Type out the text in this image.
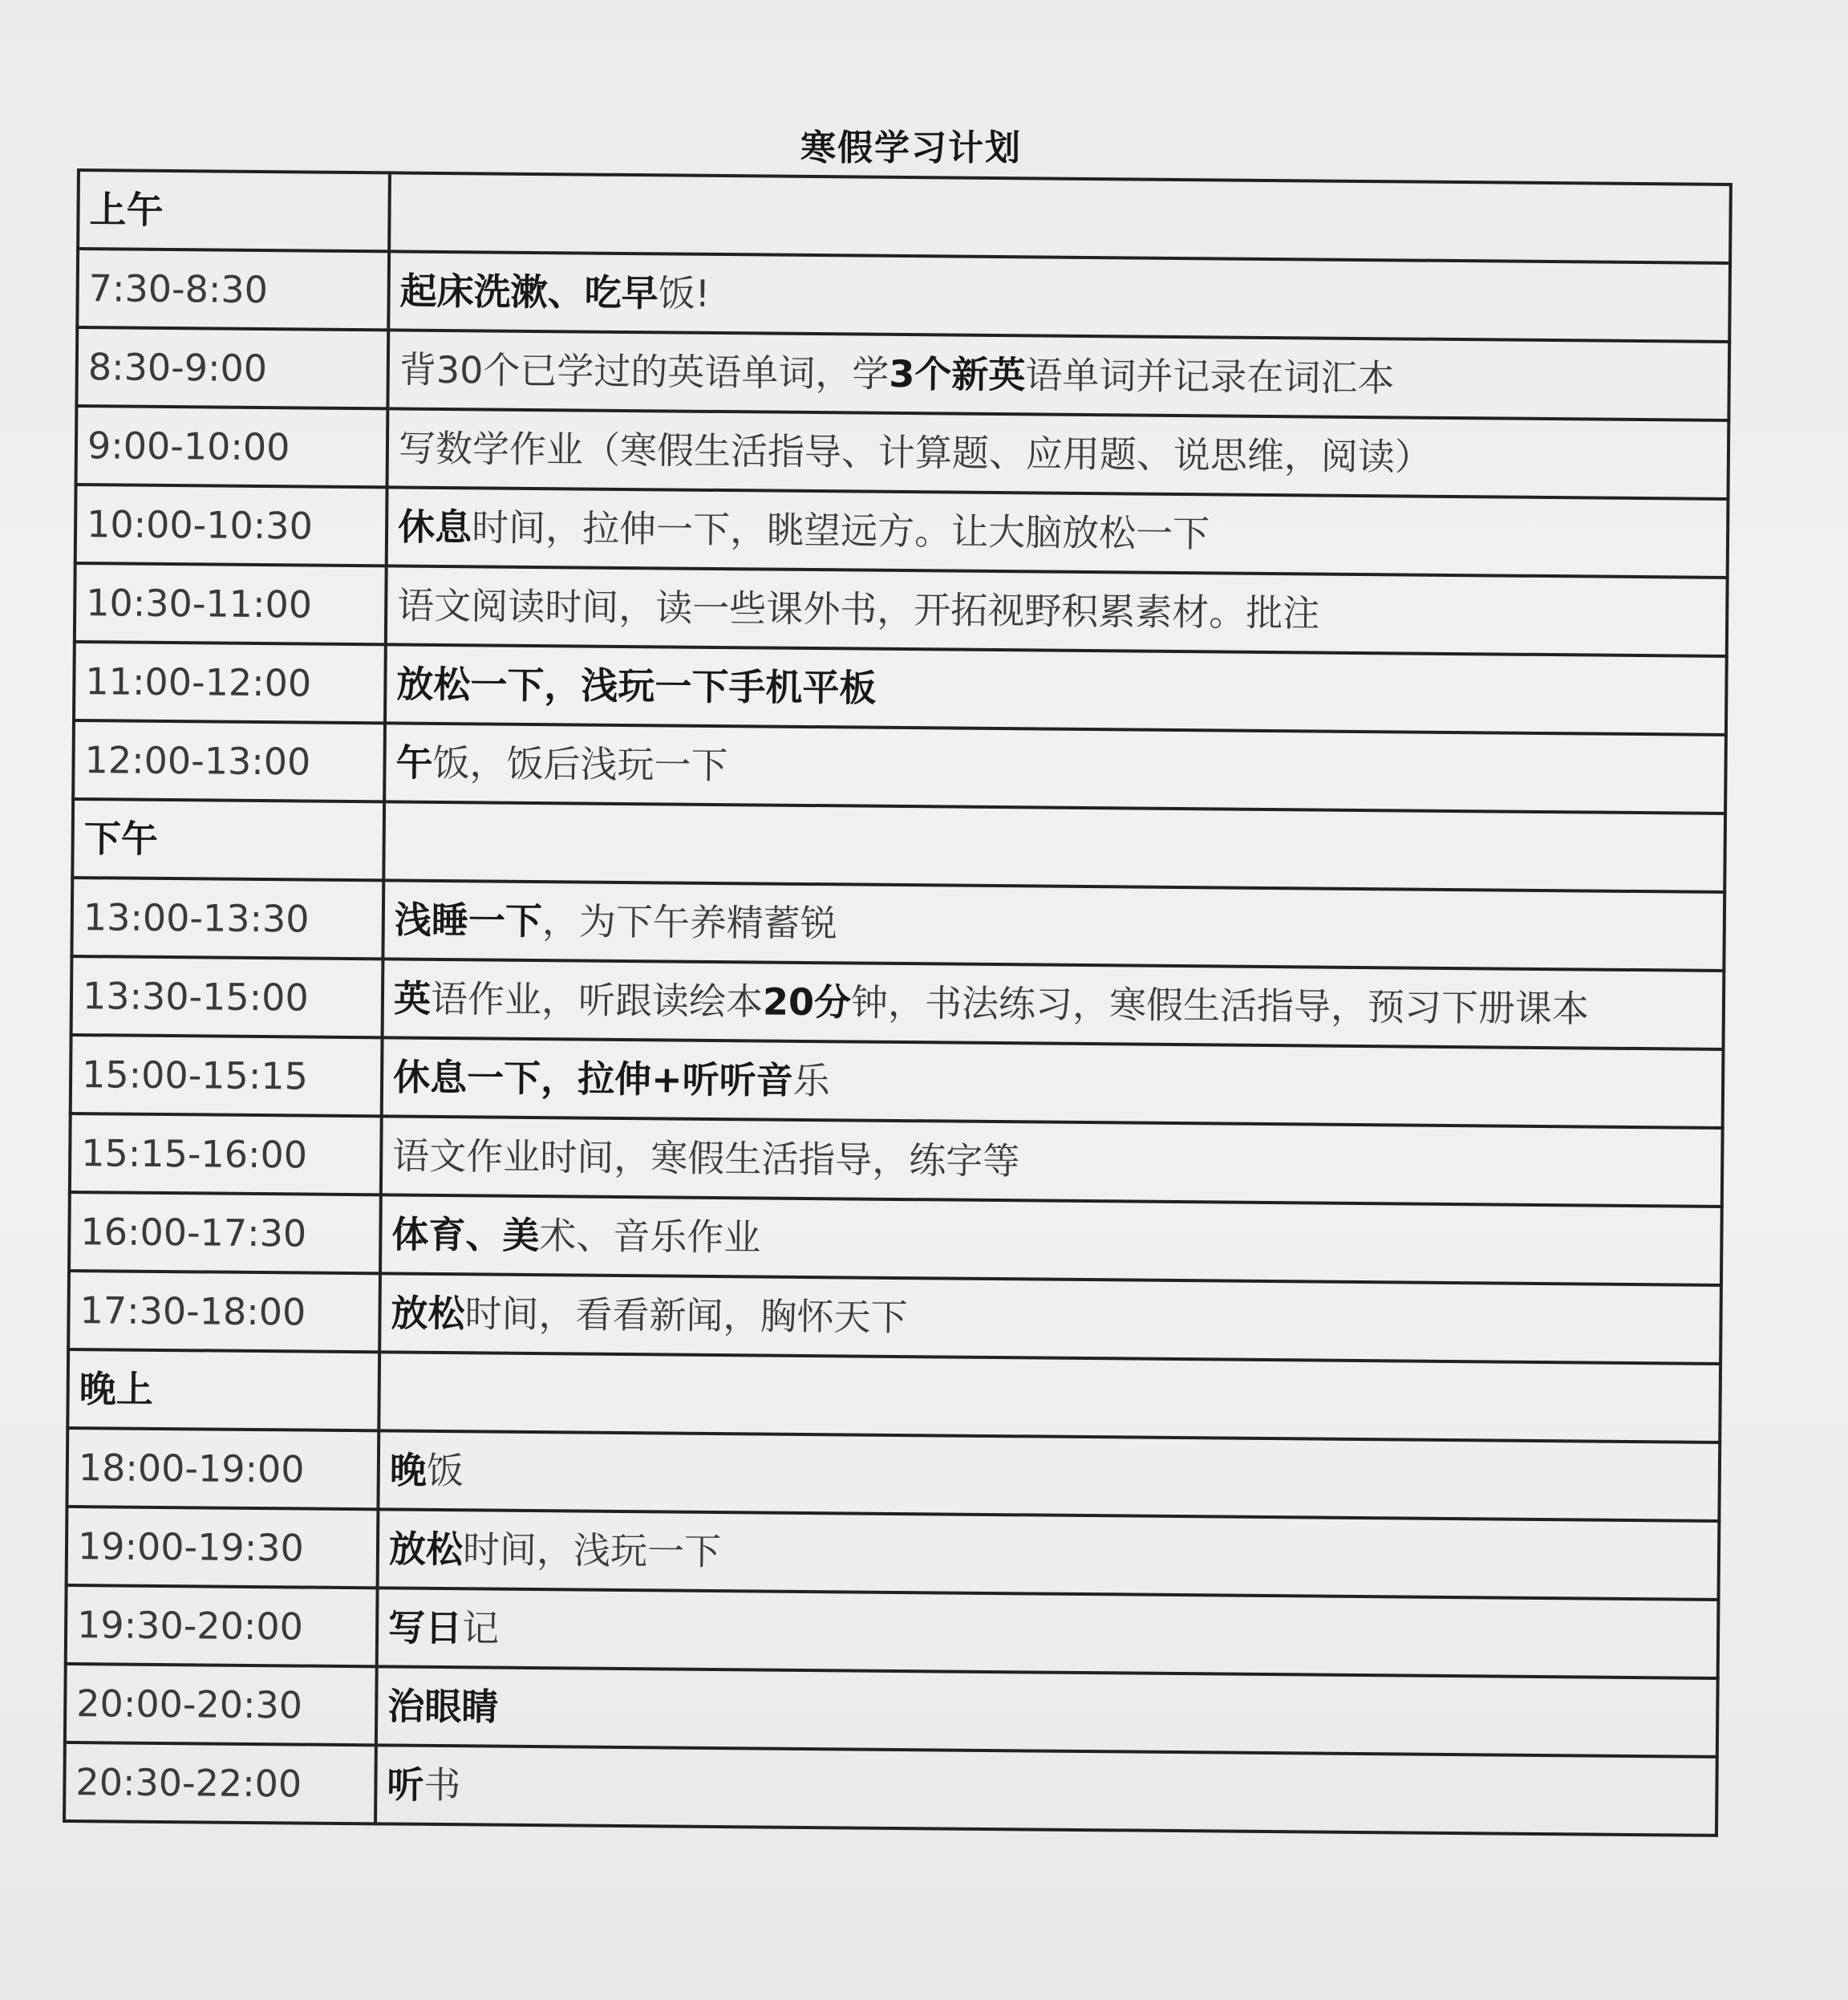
寒假学习计划
上午	
7:30-8:30	起床洗漱、吃早饭!
8:30-9:00	背30个已学过的英语单词，学3个新英语单词并记录在词汇本
9:00-10:00	写数学作业（寒假生活指导、计算题、应用题、说思维，阅读）
10:00-10:30	休息时间，拉伸一下，眺望远方。让大脑放松一下
10:30-11:00	语文阅读时间，读一些课外书，开拓视野积累素材。批注
11:00-12:00	放松一下，浅玩一下手机平板
12:00-13:00	午饭，饭后浅玩一下
下午	
13:00-13:30	浅睡一下，为下午养精蓄锐
13:30-15:00	英语作业，听跟读绘本20分钟，书法练习，寒假生活指导，预习下册课本
15:00-15:15	休息一下，拉伸+听听音乐
15:15-16:00	语文作业时间，寒假生活指导，练字等
16:00-17:30	体育、美术、音乐作业
17:30-18:00	放松时间，看看新闻，胸怀天下
晚上	
18:00-19:00	晚饭
19:00-19:30	放松时间，浅玩一下
19:30-20:00	写日记
20:00-20:30	治眼睛
20:30-22:00	听书
